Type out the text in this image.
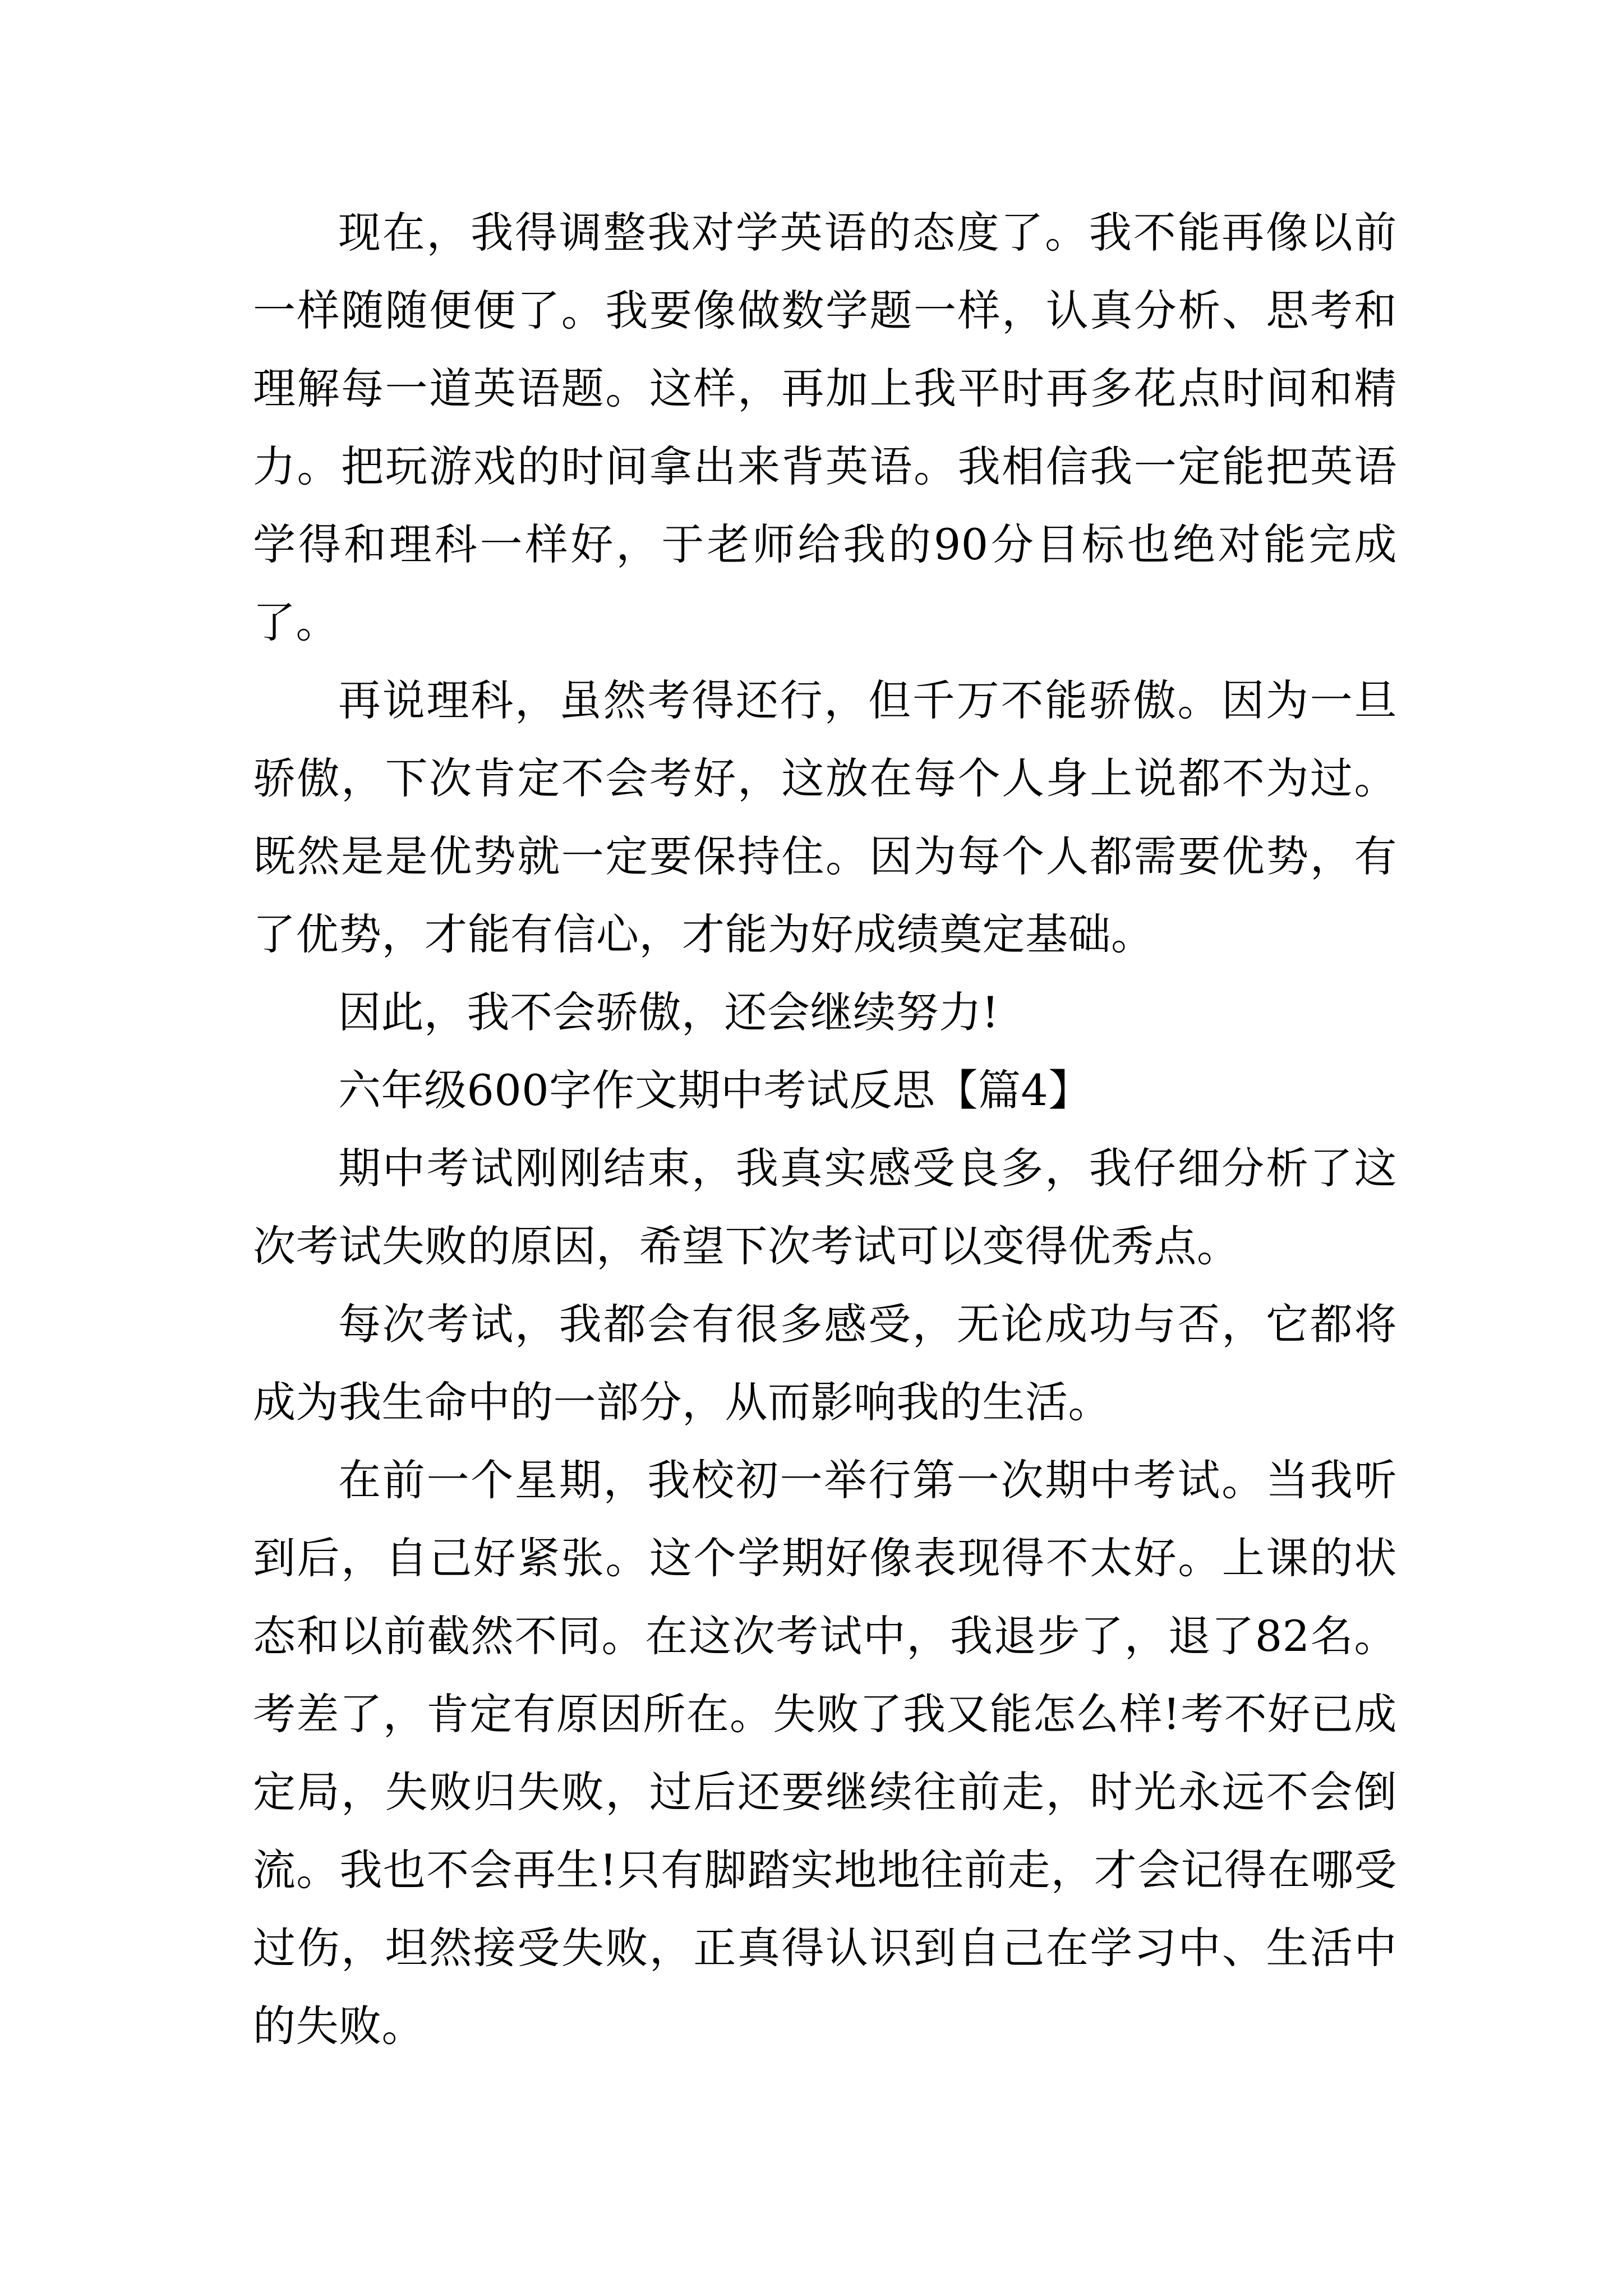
现在，我得调整我对学英语的态度了。我不能再像以前一样随随便便了。我要像做数学题一样，认真分析、思考和理解每一道英语题。这样，再加上我平时再多花点时间和精力。把玩游戏的时间拿出来背英语。我相信我一定能把英语学得和理科一样好，于老师给我的90分目标也绝对能完成了。

再说理科，虽然考得还行，但千万不能骄傲。因为一旦骄傲，下次肯定不会考好，这放在每个人身上说都不为过。既然是是优势就一定要保持住。因为每个人都需要优势，有了优势，才能有信心，才能为好成绩奠定基础。

因此，我不会骄傲，还会继续努力!

六年级600字作文期中考试反思【篇4】

期中考试刚刚结束，我真实感受良多，我仔细分析了这次考试失败的原因，希望下次考试可以变得优秀点。

每次考试，我都会有很多感受，无论成功与否，它都将成为我生命中的一部分，从而影响我的生活。

在前一个星期，我校初一举行第一次期中考试。当我听到后，自己好紧张。这个学期好像表现得不太好。上课的状态和以前截然不同。在这次考试中，我退步了，退了82名。考差了，肯定有原因所在。失败了我又能怎么样!考不好已成定局，失败归失败，过后还要继续往前走，时光永远不会倒流。我也不会再生!只有脚踏实地地往前走，才会记得在哪受过伤，坦然接受失败，正真得认识到自己在学习中、生活中的失败。
